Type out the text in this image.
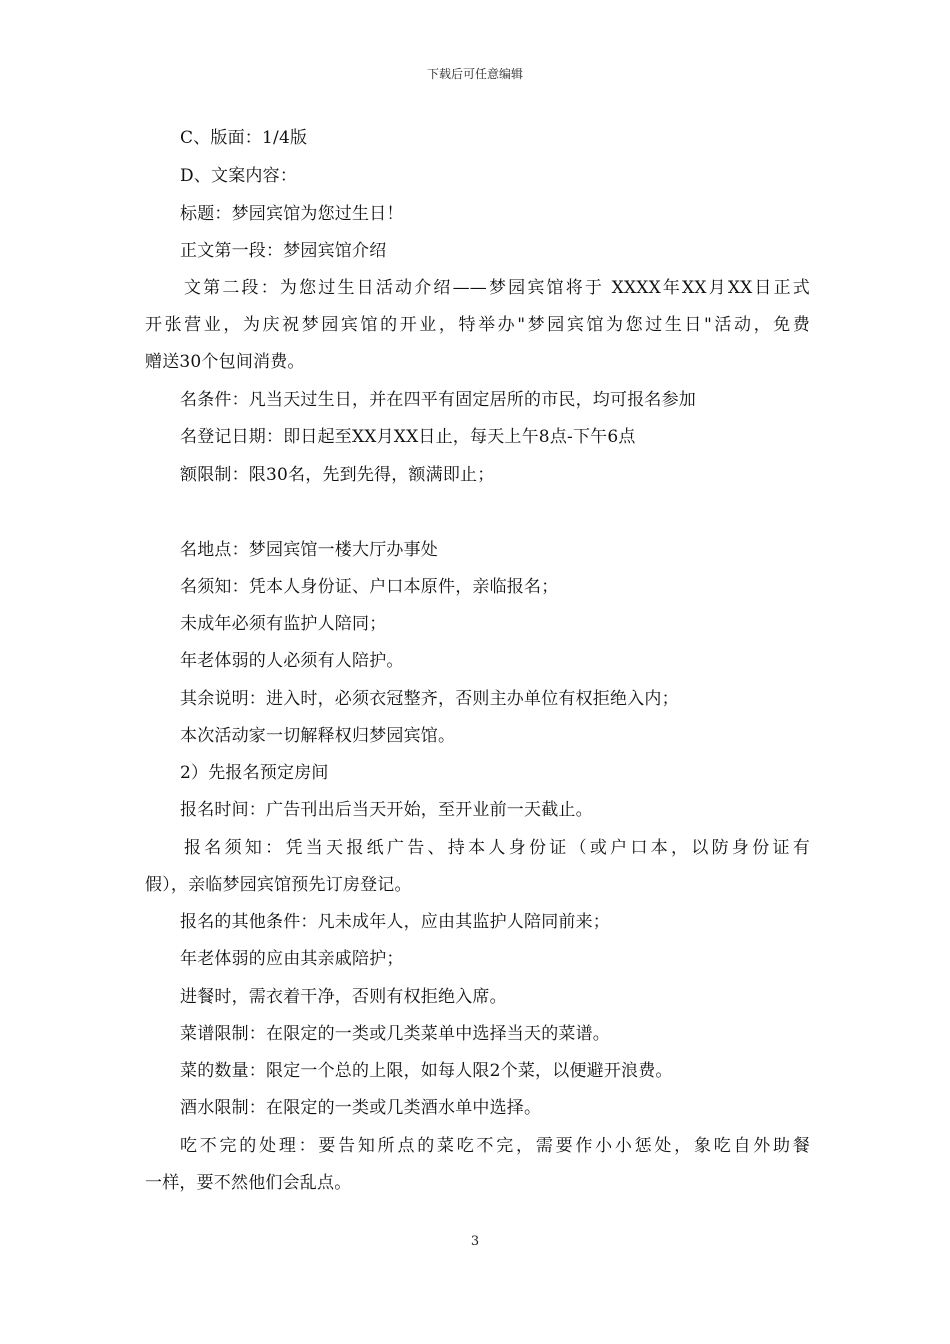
下载后可任意编辑
C、版面：1/4版
D、文案内容：
标题：梦园宾馆为您过生日！
正文第一段：梦园宾馆介绍
文第二段：为您过生日活动介绍——梦园宾馆将于 XXXX年XX月XX日正式
开张营业，为庆祝梦园宾馆的开业，特举办"梦园宾馆为您过生日"活动，免费
赠送30个包间消费。
名条件：凡当天过生日，并在四平有固定居所的市民，均可报名参加
名登记日期：即日起至XX月XX日止，每天上午8点-下午6点
额限制：限30名，先到先得，额满即止；
名地点：梦园宾馆一楼大厅办事处
名须知：凭本人身份证、户口本原件，亲临报名；
未成年必须有监护人陪同；
年老体弱的人必须有人陪护。
其余说明：进入时，必须衣冠整齐，否则主办单位有权拒绝入内；
本次活动家一切解释权归梦园宾馆。
2）先报名预定房间
报名时间：广告刊出后当天开始，至开业前一天截止。
报名须知：凭当天报纸广告、持本人身份证（或户口本，以防身份证有
假），亲临梦园宾馆预先订房登记。
报名的其他条件：凡未成年人，应由其监护人陪同前来；
年老体弱的应由其亲戚陪护；
进餐时，需衣着干净，否则有权拒绝入席。
菜谱限制：在限定的一类或几类菜单中选择当天的菜谱。
菜的数量：限定一个总的上限，如每人限2个菜，以便避开浪费。
酒水限制：在限定的一类或几类酒水单中选择。
吃不完的处理：要告知所点的菜吃不完，需要作小小惩处，象吃自外助餐
一样，要不然他们会乱点。
3
